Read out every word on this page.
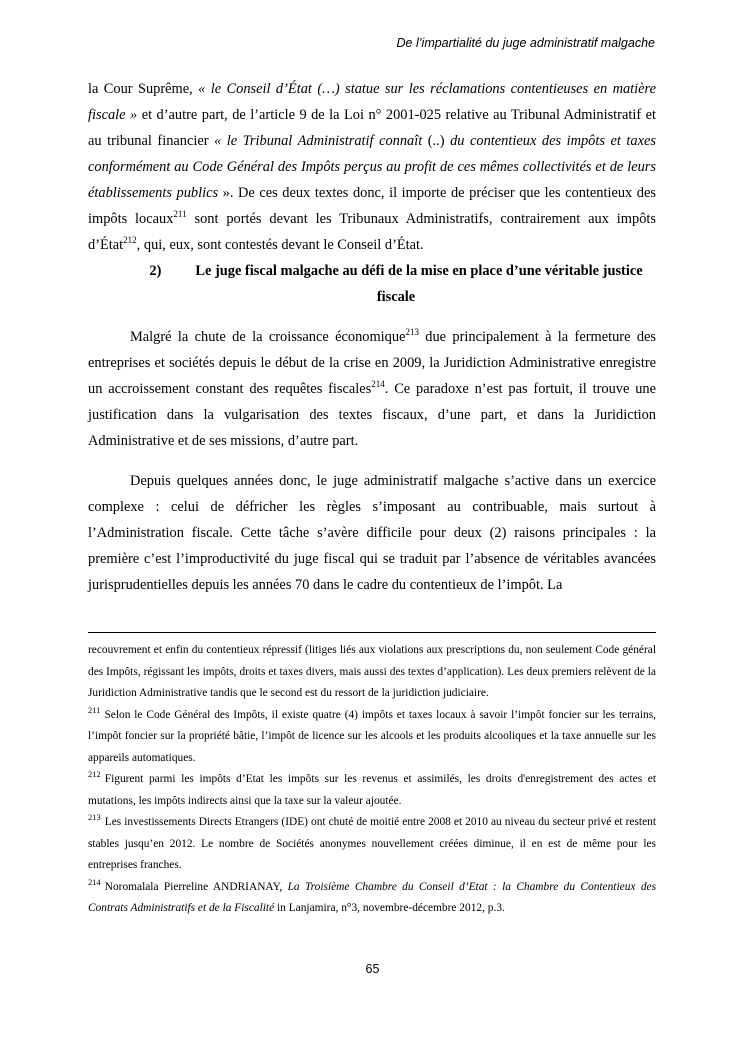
De l’impartialité du juge administratif malgache

la Cour Suprême, « le Conseil d’État (…) statue sur les réclamations contentieuses en matière fiscale » et d’autre part, de l’article 9 de la Loi n° 2001-025 relative au Tribunal Administratif et au tribunal financier « le Tribunal Administratif connaît (..) du contentieux des impôts et taxes conformément au Code Général des Impôts perçus au profit de ces mêmes collectivités et de leurs établissements publics ». De ces deux textes donc, il importe de préciser que les contentieux des impôts locaux$^{211}$ sont portés devant les Tribunaux Administratifs, contrairement aux impôts d’État$^{212}$, qui, eux, sont contestés devant le Conseil d’État.

2) Le juge fiscal malgache au défi de la mise en place d’une véritable justice fiscale

Malgré la chute de la croissance économique$^{213}$ due principalement à la fermeture des entreprises et sociétés depuis le début de la crise en 2009, la Juridiction Administrative enregistre un accroissement constant des requêtes fiscales$^{214}$. Ce paradoxe n’est pas fortuit, il trouve une justification dans la vulgarisation des textes fiscaux, d’une part, et dans la Juridiction Administrative et de ses missions, d’autre part.

Depuis quelques années donc, le juge administratif malgache s’active dans un exercice complexe : celui de défricher les règles s’imposant au contribuable, mais surtout à l’Administration fiscale. Cette tâche s’avère difficile pour deux (2) raisons principales : la première c’est l’improductivité du juge fiscal qui se traduit par l’absence de véritables avancées jurisprudentielles depuis les années 70 dans le cadre du contentieux de l’impôt. La

recouvrement et enfin du contentieux répressif (litiges liés aux violations aux prescriptions du, non seulement Code général des Impôts, régissant les impôts, droits et taxes divers, mais aussi des textes d’application). Les deux premiers relèvent de la Juridiction Administrative tandis que le second est du ressort de la juridiction judiciaire.

$^{211}$ Selon le Code Général des Impôts, il existe quatre (4) impôts et taxes locaux à savoir l’impôt foncier sur les terrains, l’impôt foncier sur la propriété bâtie, l’impôt de licence sur les alcools et les produits alcooliques et la taxe annuelle sur les appareils automatiques.

$^{212}$ Figurent parmi les impôts d’Etat les impôts sur les revenus et assimilés, les droits d'enregistrement des actes et mutations, les impôts indirects ainsi que la taxe sur la valeur ajoutée.

$^{213}$ Les investissements Directs Etrangers (IDE) ont chuté de moitié entre 2008 et 2010 au niveau du secteur privé et restent stables jusqu’en 2012. Le nombre de Sociétés anonymes nouvellement créées diminue, il en est de même pour les entreprises franches.

$^{214}$ Noromalala Pierreline ANDRIANAY, La Troisième Chambre du Conseil d’Etat : la Chambre du Contentieux des Contrats Administratifs et de la Fiscalité in Lanjamira, n°3, novembre-décembre 2012, p.3.

65
